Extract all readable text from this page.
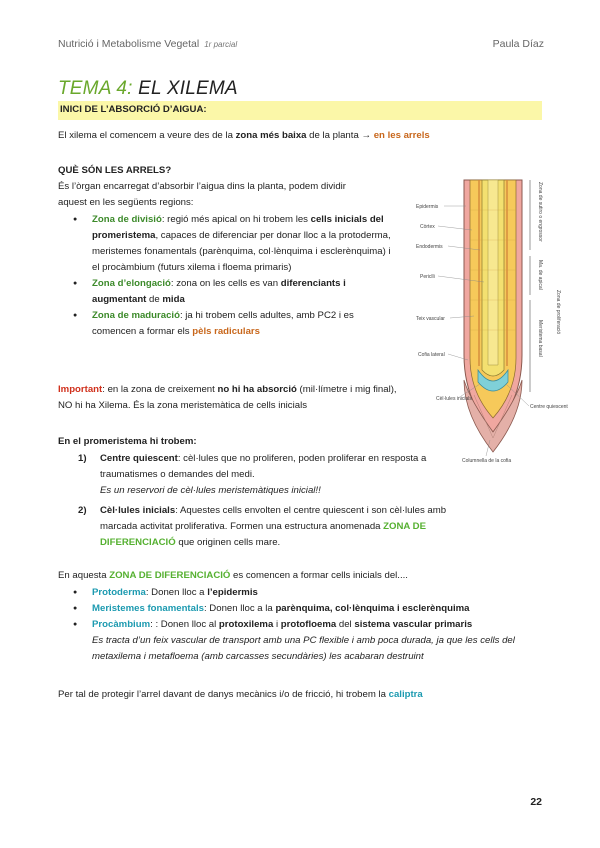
Nutrició i Metabolisme Vegetal 1r parcial	Paula Díaz
TEMA 4: EL XILEMA
INICI DE L’ABSORCIÓ D’AIGUA:
El xilema el comencem a veure des de la zona més baixa de la planta → en les arrels
QUÈ SÓN LES ARRELS?
És l’òrgan encarregat d’absorbir l’aigua dins la planta, podem dividir
aquest en les següents regions:
● Zona de divisió: regió més apical on hi trobem les cells inicials del promeristema, capaces de diferenciar per donar lloc a la protoderma, meristemes fonamentals (parènquima, col·lènquima i esclerènquima) i el procàmbium (futurs xilema i floema primaris)
● Zona d’elongació: zona on les cells es van diferenciants i augmentant de mida
● Zona de maduració: ja hi trobem cells adultes, amb PC2 i es comencen a formar els pèls radiculars
Important: en la zona de creixement no hi ha absorció (mil·límetre i mig final), NO hi ha Xilema. És la zona meristemàtica de cells inicials
En el promeristema hi trobem:
1) Centre quiescent: cèl·lules que no proliferen, poden proliferar en resposta a traumatismes o demandes del medi.
Es un reservori de cèl·lules meristemàtiques inicial!!
2) Cèl·lules inicials: Aquestes cells envolten el centre quiescent i son cèl·lules amb marcada activitat proliferativa. Formen una estructura anomenada ZONA DE DIFERENCIACIÓ que originen cells mare.
En aquesta ZONA DE DIFERENCIACIÓ es comencen a formar cells inicials del....
● Protoderma: Donen lloc a l’epidermis
● Meristemes fonamentals: Donen lloc a la parènquima, col·lènquima i esclerènquima
● Procàmbium: : Donen lloc al protoxilema i protofloema del sistema vascular primaris
Es tracta d’un feix vascular de transport amb una PC flexible i amb poca durada, ja que les cells del metaxilema i metafloema (amb carcasses secundàries) les acabaran destruint
Per tal de protegir l’arrel davant de danys mecànics i/o de fricció, hi trobem la caliptra
22
Epidermis
Còrtex
Endodermis
Periclli
Teix vascular
Cofia lateral
Cèl·lules inicials
Centre quiescent
Columnella de la cofia
Zona de sutiro o engrossor
Ma. de apical
Zona de proliferació
Meristema basal
